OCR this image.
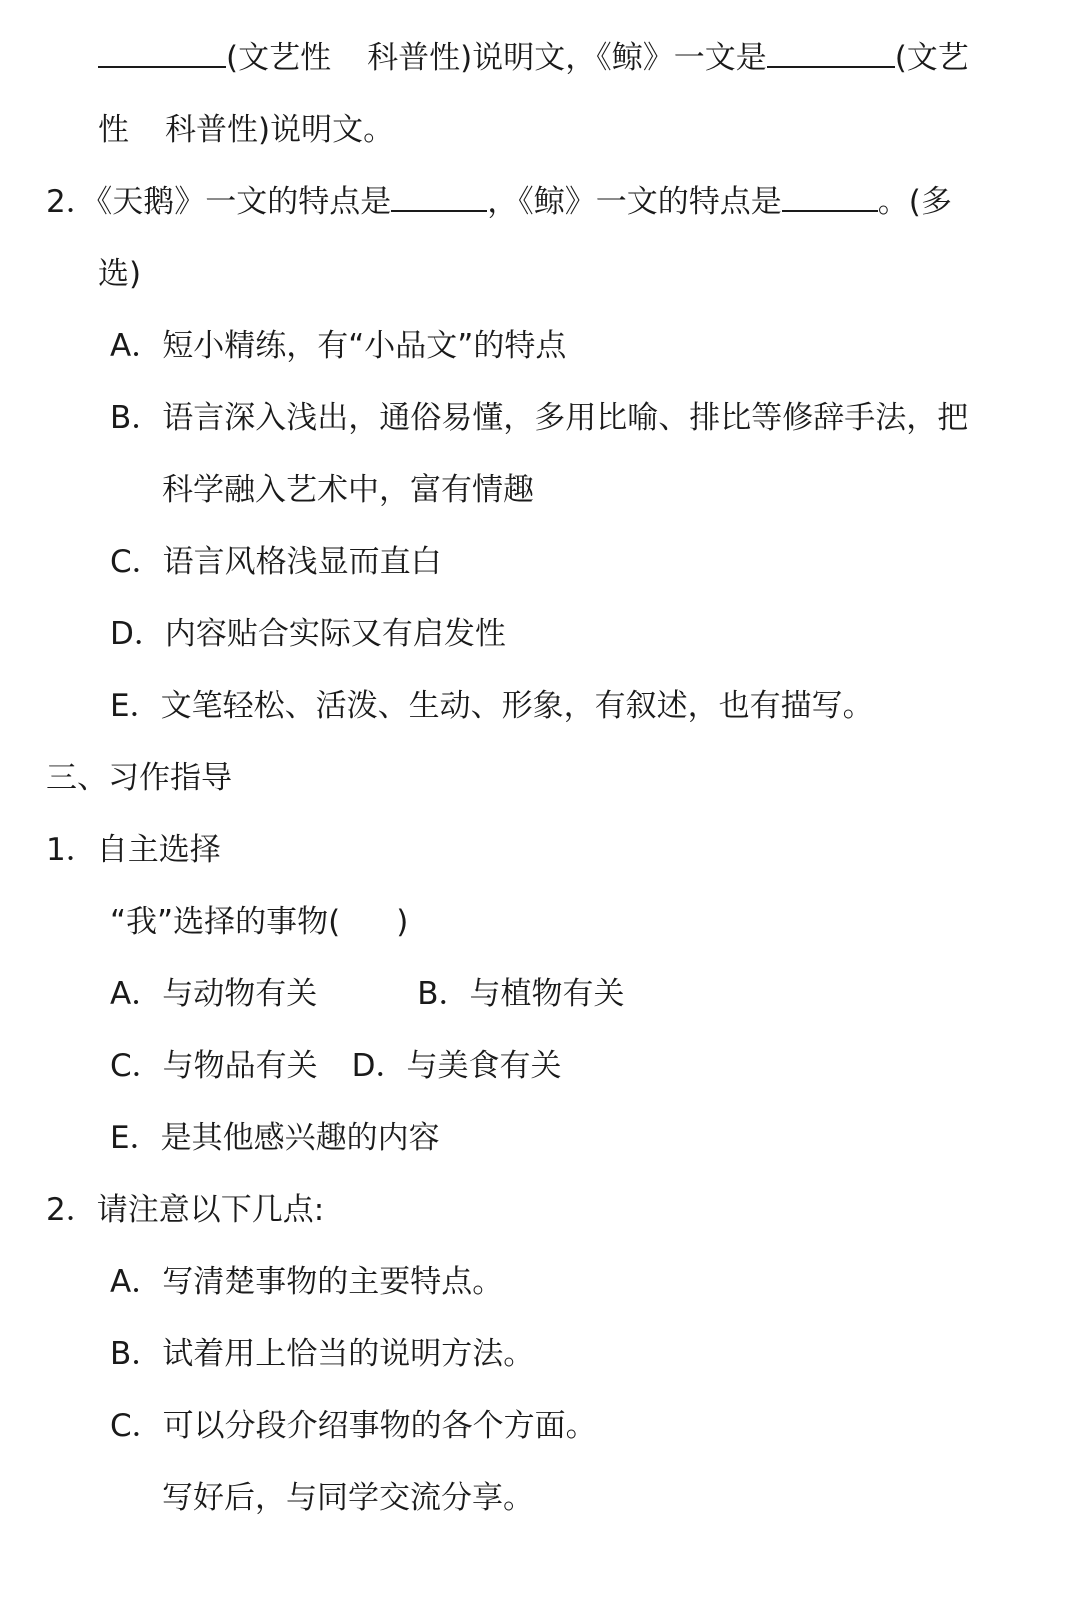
(文艺性 科普性)说明文，《鲸》一文是	(文艺
性 科普性)说明文。
2．《天鹅》一文的特点是	，《鲸》一文的特点是	。(多
选)
A．短小精练，有“小品文”的特点
B．语言深入浅出，通俗易懂，多用比喻、排比等修辞手法，把
科学融入艺术中，富有情趣
C．语言风格浅显而直白
D．内容贴合实际又有启发性
E．文笔轻松、活泼、生动、形象，有叙述，也有描写。
三、习作指导
1．自主选择
“我”选择的事物( )
A．与动物有关	B．与植物有关
C．与物品有关 D．与美食有关
E．是其他感兴趣的内容
2．请注意以下几点:
A．写清楚事物的主要特点。
B．试着用上恰当的说明方法。
C．可以分段介绍事物的各个方面。
写好后，与同学交流分享。
